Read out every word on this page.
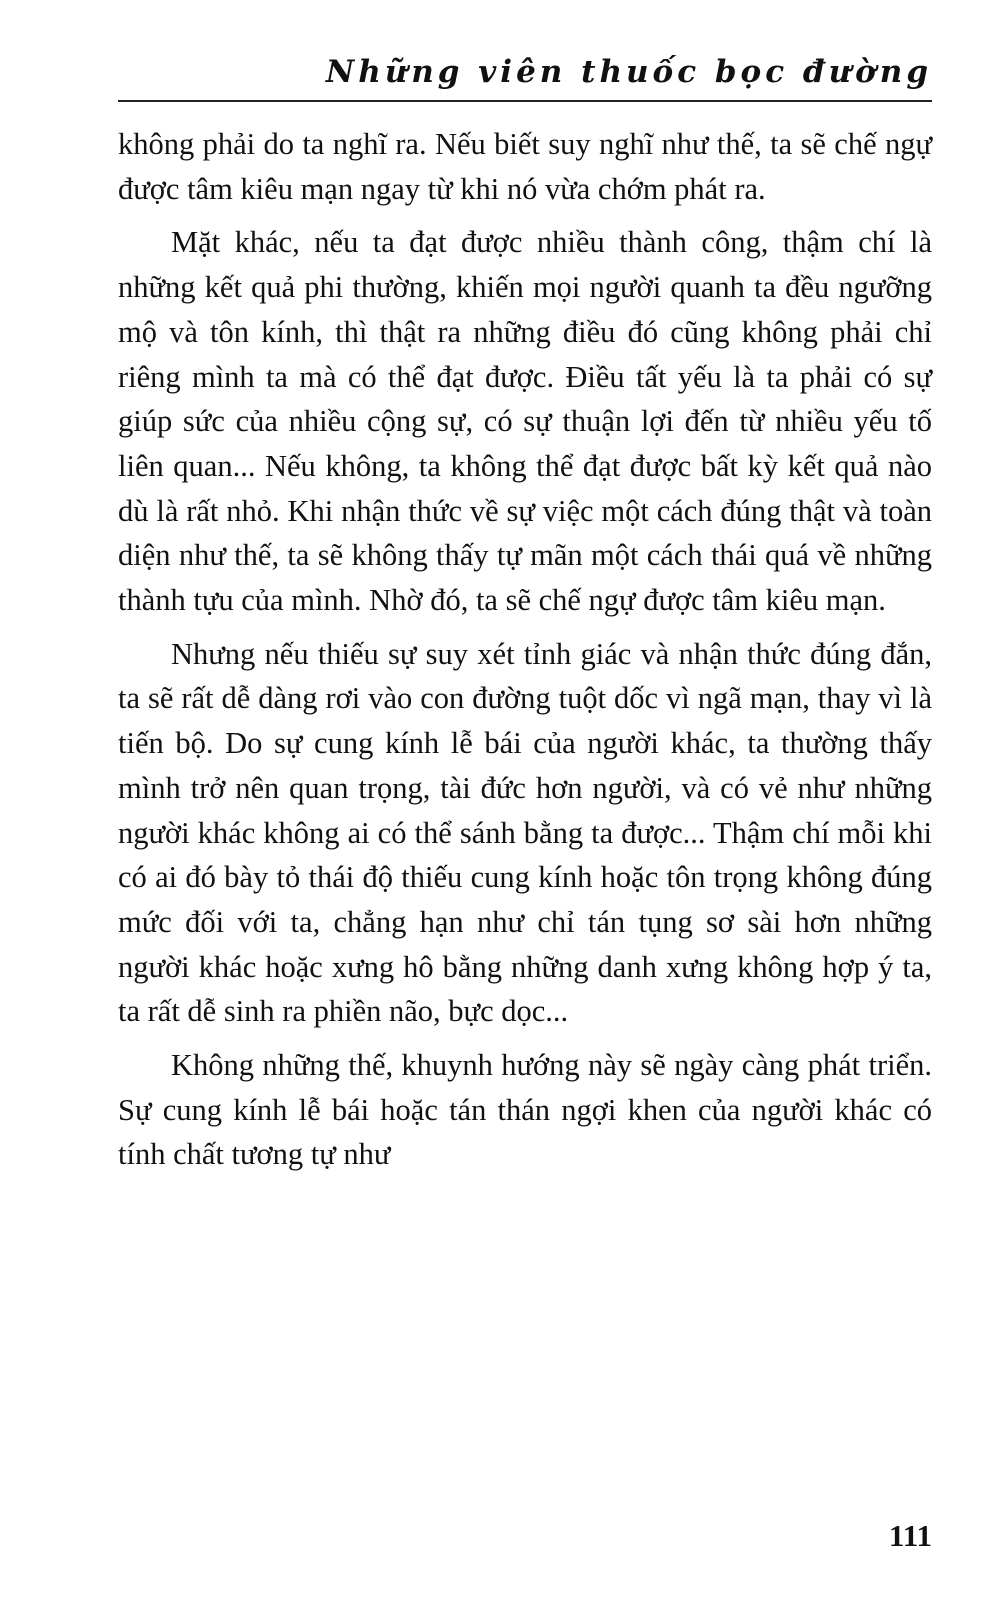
Những viên thuốc bọc đường

không phải do ta nghĩ ra. Nếu biết suy nghĩ như thế, ta sẽ chế ngự được tâm kiêu mạn ngay từ khi nó vừa chớm phát ra.

Mặt khác, nếu ta đạt được nhiều thành công, thậm chí là những kết quả phi thường, khiến mọi người quanh ta đều ngưỡng mộ và tôn kính, thì thật ra những điều đó cũng không phải chỉ riêng mình ta mà có thể đạt được. Điều tất yếu là ta phải có sự giúp sức của nhiều cộng sự, có sự thuận lợi đến từ nhiều yếu tố liên quan... Nếu không, ta không thể đạt được bất kỳ kết quả nào dù là rất nhỏ. Khi nhận thức về sự việc một cách đúng thật và toàn diện như thế, ta sẽ không thấy tự mãn một cách thái quá về những thành tựu của mình. Nhờ đó, ta sẽ chế ngự được tâm kiêu mạn.

Nhưng nếu thiếu sự suy xét tỉnh giác và nhận thức đúng đắn, ta sẽ rất dễ dàng rơi vào con đường tuột dốc vì ngã mạn, thay vì là tiến bộ. Do sự cung kính lễ bái của người khác, ta thường thấy mình trở nên quan trọng, tài đức hơn người, và có vẻ như những người khác không ai có thể sánh bằng ta được... Thậm chí mỗi khi có ai đó bày tỏ thái độ thiếu cung kính hoặc tôn trọng không đúng mức đối với ta, chẳng hạn như chỉ tán tụng sơ sài hơn những người khác hoặc xưng hô bằng những danh xưng không hợp ý ta, ta rất dễ sinh ra phiền não, bực dọc...

Không những thế, khuynh hướng này sẽ ngày càng phát triển. Sự cung kính lễ bái hoặc tán thán ngợi khen của người khác có tính chất tương tự như

111
